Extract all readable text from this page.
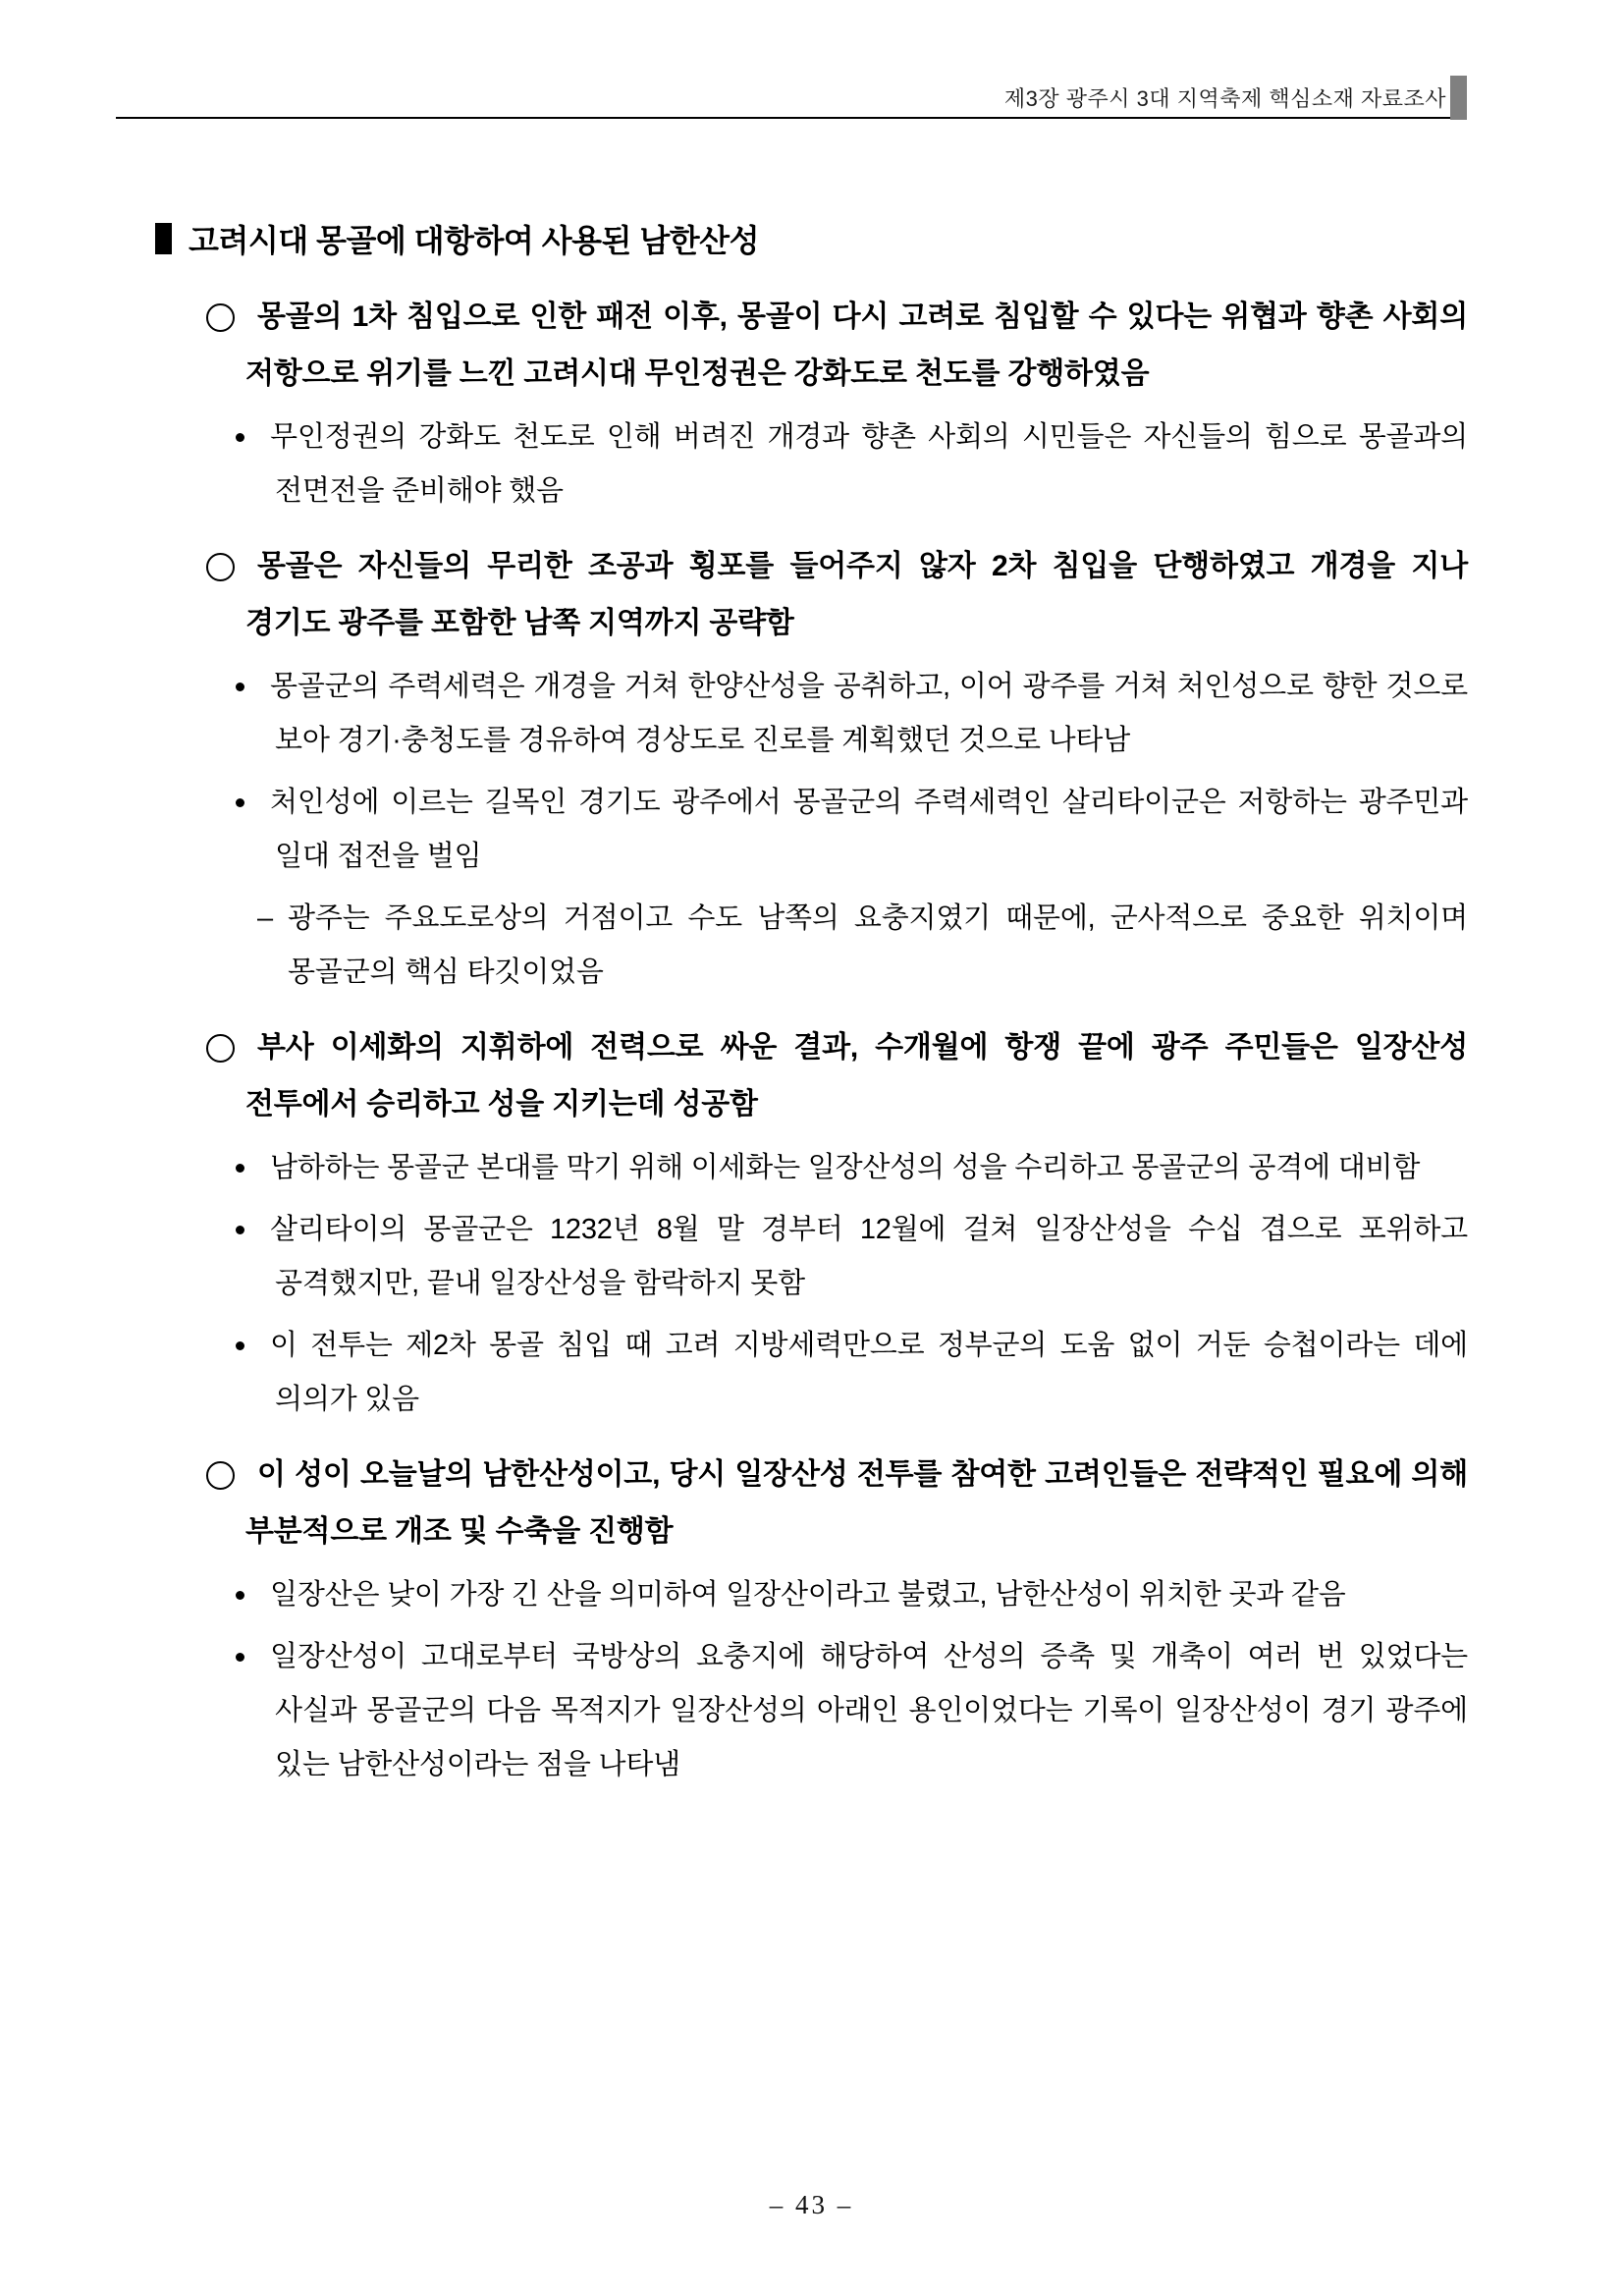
제3장 광주시 3대 지역축제 핵심소재 자료조사
고려시대 몽골에 대항하여 사용된 남한산성
몽골의 1차 침입으로 인한 패전 이후, 몽골이 다시 고려로 침입할 수 있다는 위협과 향촌 사회의 저항으로 위기를 느낀 고려시대 무인정권은 강화도로 천도를 강행하였음
무인정권의 강화도 천도로 인해 버려진 개경과 향촌 사회의 시민들은 자신들의 힘으로 몽골과의 전면전을 준비해야 했음
몽골은 자신들의 무리한 조공과 횡포를 들어주지 않자 2차 침입을 단행하였고 개경을 지나 경기도 광주를 포함한 남쪽 지역까지 공략함
몽골군의 주력세력은 개경을 거쳐 한양산성을 공취하고, 이어 광주를 거쳐 처인성으로 향한 것으로 보아 경기·충청도를 경유하여 경상도로 진로를 계획했던 것으로 나타남
처인성에 이르는 길목인 경기도 광주에서 몽골군의 주력세력인 살리타이군은 저항하는 광주민과 일대 접전을 벌임
– 광주는 주요도로상의 거점이고 수도 남쪽의 요충지였기 때문에, 군사적으로 중요한 위치이며 몽골군의 핵심 타깃이었음
부사 이세화의 지휘하에 전력으로 싸운 결과, 수개월에 항쟁 끝에 광주 주민들은 일장산성 전투에서 승리하고 성을 지키는데 성공함
남하하는 몽골군 본대를 막기 위해 이세화는 일장산성의 성을 수리하고 몽골군의 공격에 대비함
살리타이의 몽골군은 1232년 8월 말 경부터 12월에 걸쳐 일장산성을 수십 겹으로 포위하고 공격했지만, 끝내 일장산성을 함락하지 못함
이 전투는 제2차 몽골 침입 때 고려 지방세력만으로 정부군의 도움 없이 거둔 승첩이라는 데에 의의가 있음
이 성이 오늘날의 남한산성이고, 당시 일장산성 전투를 참여한 고려인들은 전략적인 필요에 의해 부분적으로 개조 및 수축을 진행함
일장산은 낮이 가장 긴 산을 의미하여 일장산이라고 불렸고, 남한산성이 위치한 곳과 같음
일장산성이 고대로부터 국방상의 요충지에 해당하여 산성의 증축 및 개축이 여러 번 있었다는 사실과 몽골군의 다음 목적지가 일장산성의 아래인 용인이었다는 기록이 일장산성이 경기 광주에 있는 남한산성이라는 점을 나타냄
– 43 –
